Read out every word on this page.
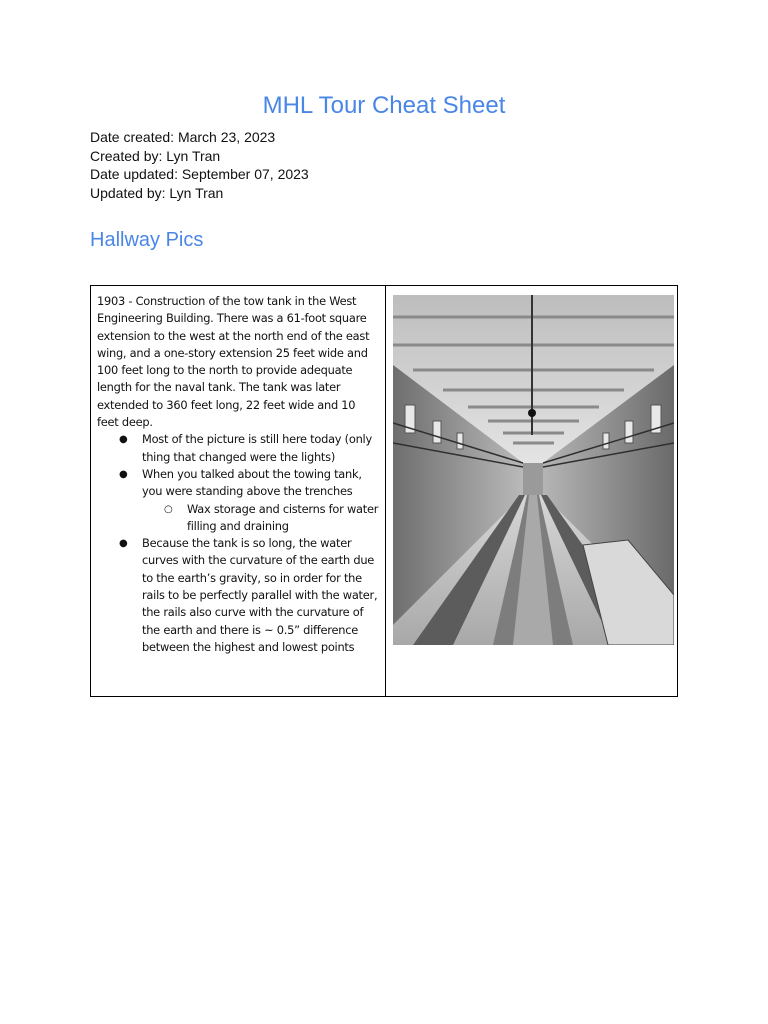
MHL Tour Cheat Sheet
Date created: March 23, 2023
Created by: Lyn Tran
Date updated: September 07, 2023
Updated by: Lyn Tran
Hallway Pics

1903 - Construction of the tow tank in the West Engineering Building. There was a 61-foot square extension to the west at the north end of the east wing, and a one-story extension 25 feet wide and 100 feet long to the north to provide adequate length for the naval tank. The tank was later extended to 360 feet long, 22 feet wide and 10 feet deep.

● Most of the picture is still here today (only thing that changed were the lights)
● When you talked about the towing tank, you were standing above the trenches
○ Wax storage and cisterns for water filling and draining
● Because the tank is so long, the water curves with the curvature of the earth due to the earth’s gravity, so in order for the rails to be perfectly parallel with the water, the rails also curve with the curvature of the earth and there is ~ 0.5” difference between the highest and lowest points
